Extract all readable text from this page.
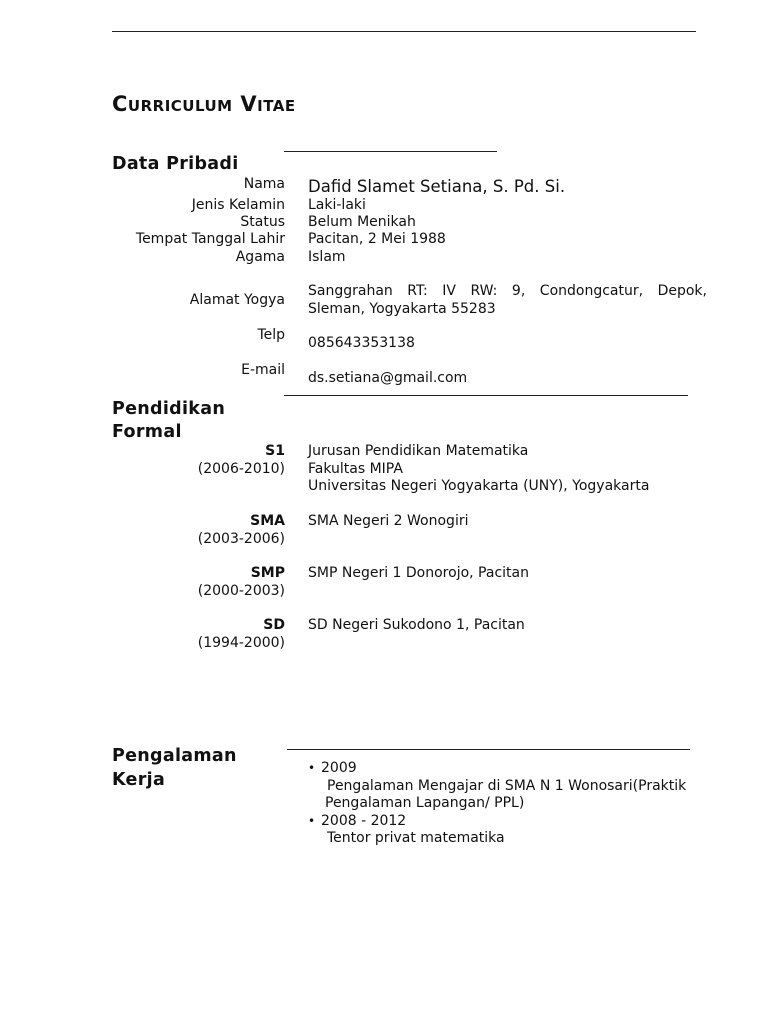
Curriculum Vitae
Data Pribadi
Nama Dafid Slamet Setiana, S. Pd. Si.
Jenis Kelamin Laki-laki
Status Belum Menikah
Tempat Tanggal Lahir Pacitan, 2 Mei 1988
Agama Islam
Alamat Yogya
Sanggrahan RT: IV RW: 9, Condongcatur, Depok, Sleman, Yogyakarta 55283
Telp 085643353138
E-mail ds.setiana@gmail.com
Pendidikan
Formal
S1
(2006-2010)
Jurusan Pendidikan Matematika
Fakultas MIPA
Universitas Negeri Yogyakarta (UNY), Yogyakarta
SMA
(2003-2006)
SMA Negeri 2 Wonogiri
SMP
(2000-2003)
SMP Negeri 1 Donorojo, Pacitan
SD
(1994-2000)
SD Negeri Sukodono 1, Pacitan
Pengalaman
Kerja
• 2009
Pengalaman Mengajar di SMA N 1 Wonosari(Praktik
Pengalaman Lapangan/ PPL)
• 2008 - 2012
Tentor privat matematika
